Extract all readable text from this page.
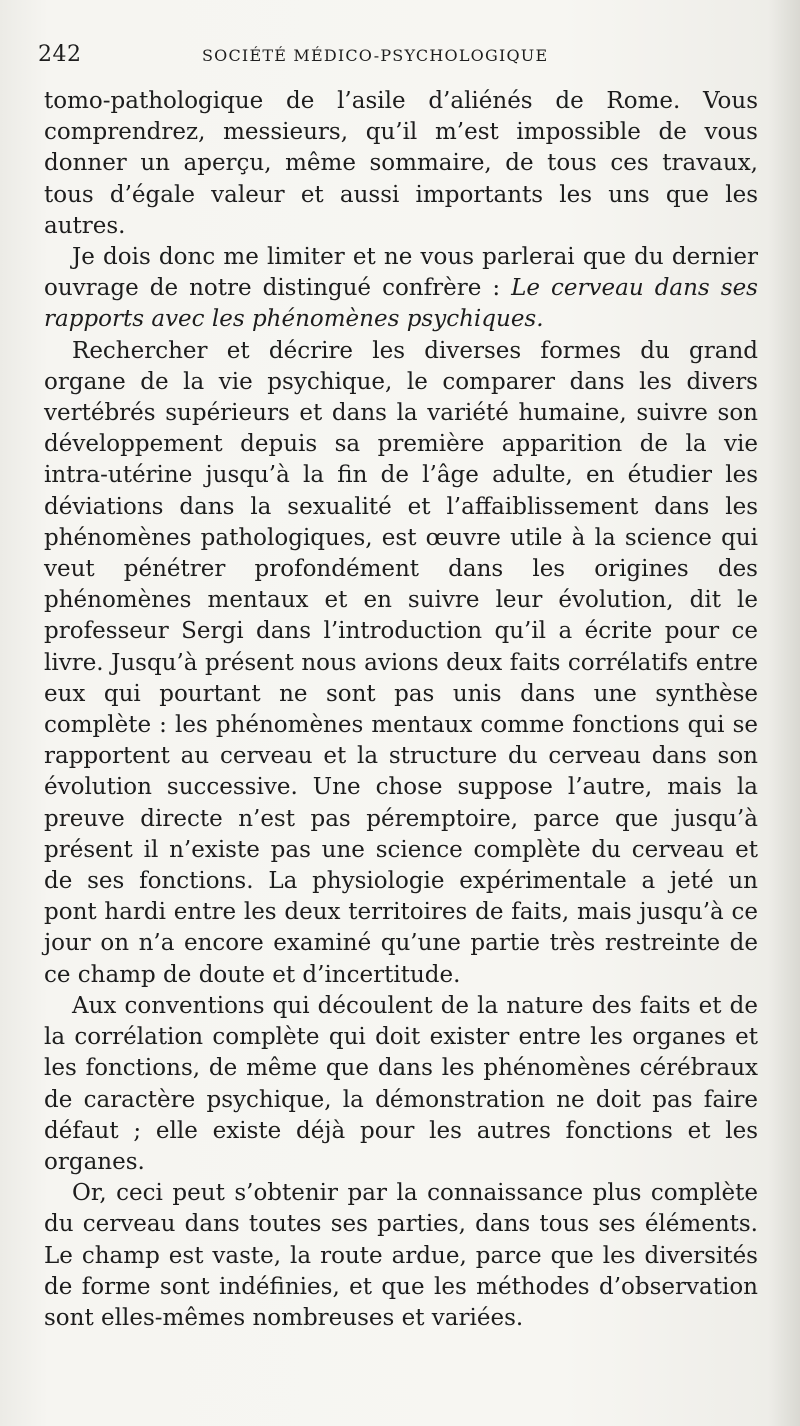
242	SOCIÉTÉ MÉDICO-PSYCHOLOGIQUE

tomo-pathologique de l’asile d’aliénés de Rome. Vous comprendrez, messieurs, qu’il m’est impossible de vous donner un aperçu, même sommaire, de tous ces travaux, tous d’égale valeur et aussi importants les uns que les autres.

Je dois donc me limiter et ne vous parlerai que du dernier ouvrage de notre distingué confrère : Le cerveau dans ses rapports avec les phénomènes psychiques.

Rechercher et décrire les diverses formes du grand organe de la vie psychique, le comparer dans les divers vertébrés supérieurs et dans la variété humaine, suivre son développement depuis sa première apparition de la vie intra-utérine jusqu’à la fin de l’âge adulte, en étudier les déviations dans la sexualité et l’affaiblissement dans les phénomènes pathologiques, est œuvre utile à la science qui veut pénétrer profondément dans les origines des phénomènes mentaux et en suivre leur évolution, dit le professeur Sergi dans l’introduction qu’il a écrite pour ce livre. Jusqu’à présent nous avions deux faits corrélatifs entre eux qui pourtant ne sont pas unis dans une synthèse complète : les phénomènes mentaux comme fonctions qui se rapportent au cerveau et la structure du cerveau dans son évolution successive. Une chose suppose l’autre, mais la preuve directe n’est pas péremptoire, parce que jusqu’à présent il n’existe pas une science complète du cerveau et de ses fonctions. La physiologie expérimentale a jeté un pont hardi entre les deux territoires de faits, mais jusqu’à ce jour on n’a encore examiné qu’une partie très restreinte de ce champ de doute et d’incertitude.

Aux conventions qui découlent de la nature des faits et de la corrélation complète qui doit exister entre les organes et les fonctions, de même que dans les phénomènes cérébraux de caractère psychique, la démonstration ne doit pas faire défaut ; elle existe déjà pour les autres fonctions et les organes.

Or, ceci peut s’obtenir par la connaissance plus complète du cerveau dans toutes ses parties, dans tous ses éléments. Le champ est vaste, la route ardue, parce que les diversités de forme sont indéfinies, et que les méthodes d’observation sont elles-mêmes nombreuses et variées.
